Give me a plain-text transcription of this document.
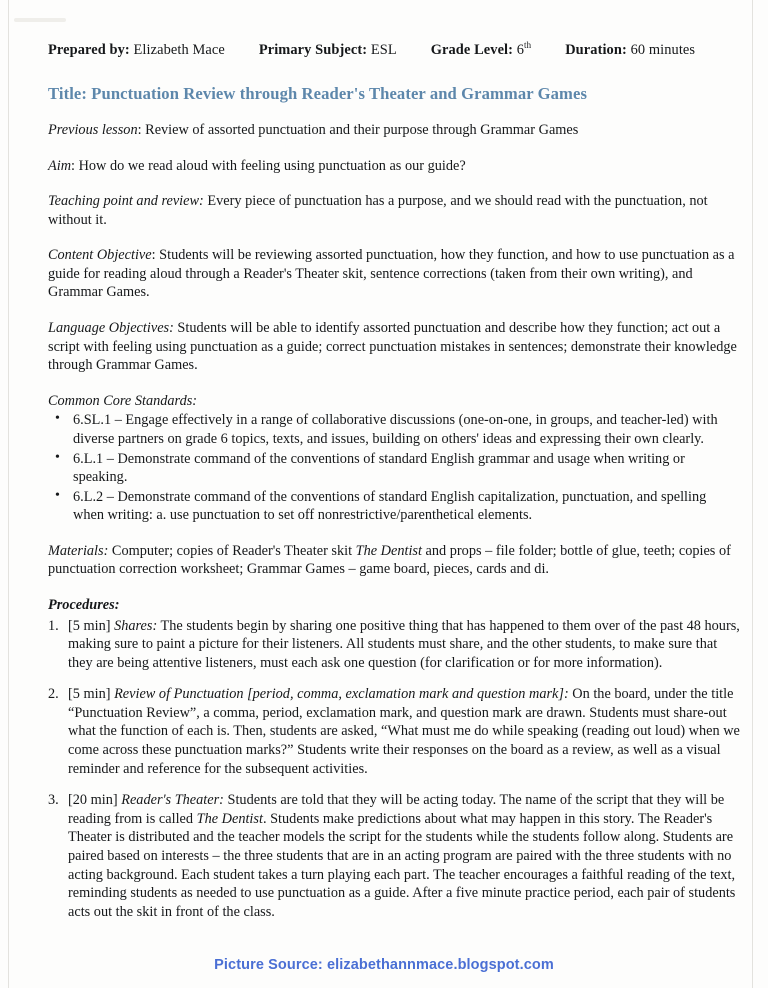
Prepared by: Elizabeth Mace Primary Subject: ESL Grade Level: 6th Duration: 60 minutes
Title: Punctuation Review through Reader's Theater and Grammar Games

Previous lesson: Review of assorted punctuation and their purpose through Grammar Games

Aim: How do we read aloud with feeling using punctuation as our guide?

Teaching point and review: Every piece of punctuation has a purpose, and we should read with the punctuation, not without it.

Content Objective: Students will be reviewing assorted punctuation, how they function, and how to use punctuation as a guide for reading aloud through a Reader's Theater skit, sentence corrections (taken from their own writing), and Grammar Games.

Language Objectives: Students will be able to identify assorted punctuation and describe how they function; act out a script with feeling using punctuation as a guide; correct punctuation mistakes in sentences; demonstrate their knowledge through Grammar Games.

Common Core Standards:
• 6.SL.1 – Engage effectively in a range of collaborative discussions (one-on-one, in groups, and teacher-led) with diverse partners on grade 6 topics, texts, and issues, building on others' ideas and expressing their own clearly.
• 6.L.1 – Demonstrate command of the conventions of standard English grammar and usage when writing or speaking.
• 6.L.2 – Demonstrate command of the conventions of standard English capitalization, punctuation, and spelling when writing: a. use punctuation to set off nonrestrictive/parenthetical elements.

Materials: Computer; copies of Reader's Theater skit The Dentist and props – file folder; bottle of glue, teeth; copies of punctuation correction worksheet; Grammar Games – game board, pieces, cards and di.

Procedures:
[5 min] Shares: The students begin by sharing one positive thing that has happened to them over of the past 48 hours, making sure to paint a picture for their listeners. All students must share, and the other students, to make sure that they are being attentive listeners, must each ask one question (for clarification or for more information).
[5 min] Review of Punctuation [period, comma, exclamation mark and question mark]: On the board, under the title “Punctuation Review”, a comma, period, exclamation mark, and question mark are drawn. Students must share-out what the function of each is. Then, students are asked, “What must me do while speaking (reading out loud) when we come across these punctuation marks?” Students write their responses on the board as a review, as well as a visual reminder and reference for the subsequent activities.
[20 min] Reader's Theater: Students are told that they will be acting today. The name of the script that they will be reading from is called The Dentist. Students make predictions about what may happen in this story. The Reader's Theater is distributed and the teacher models the script for the students while the students follow along. Students are paired based on interests – the three students that are in an acting program are paired with the three students with no acting background. Each student takes a turn playing each part. The teacher encourages a faithful reading of the text, reminding students as needed to use punctuation as a guide. After a five minute practice period, each pair of students acts out the skit in front of the class.
Picture Source: elizabethannmace.blogspot.com
